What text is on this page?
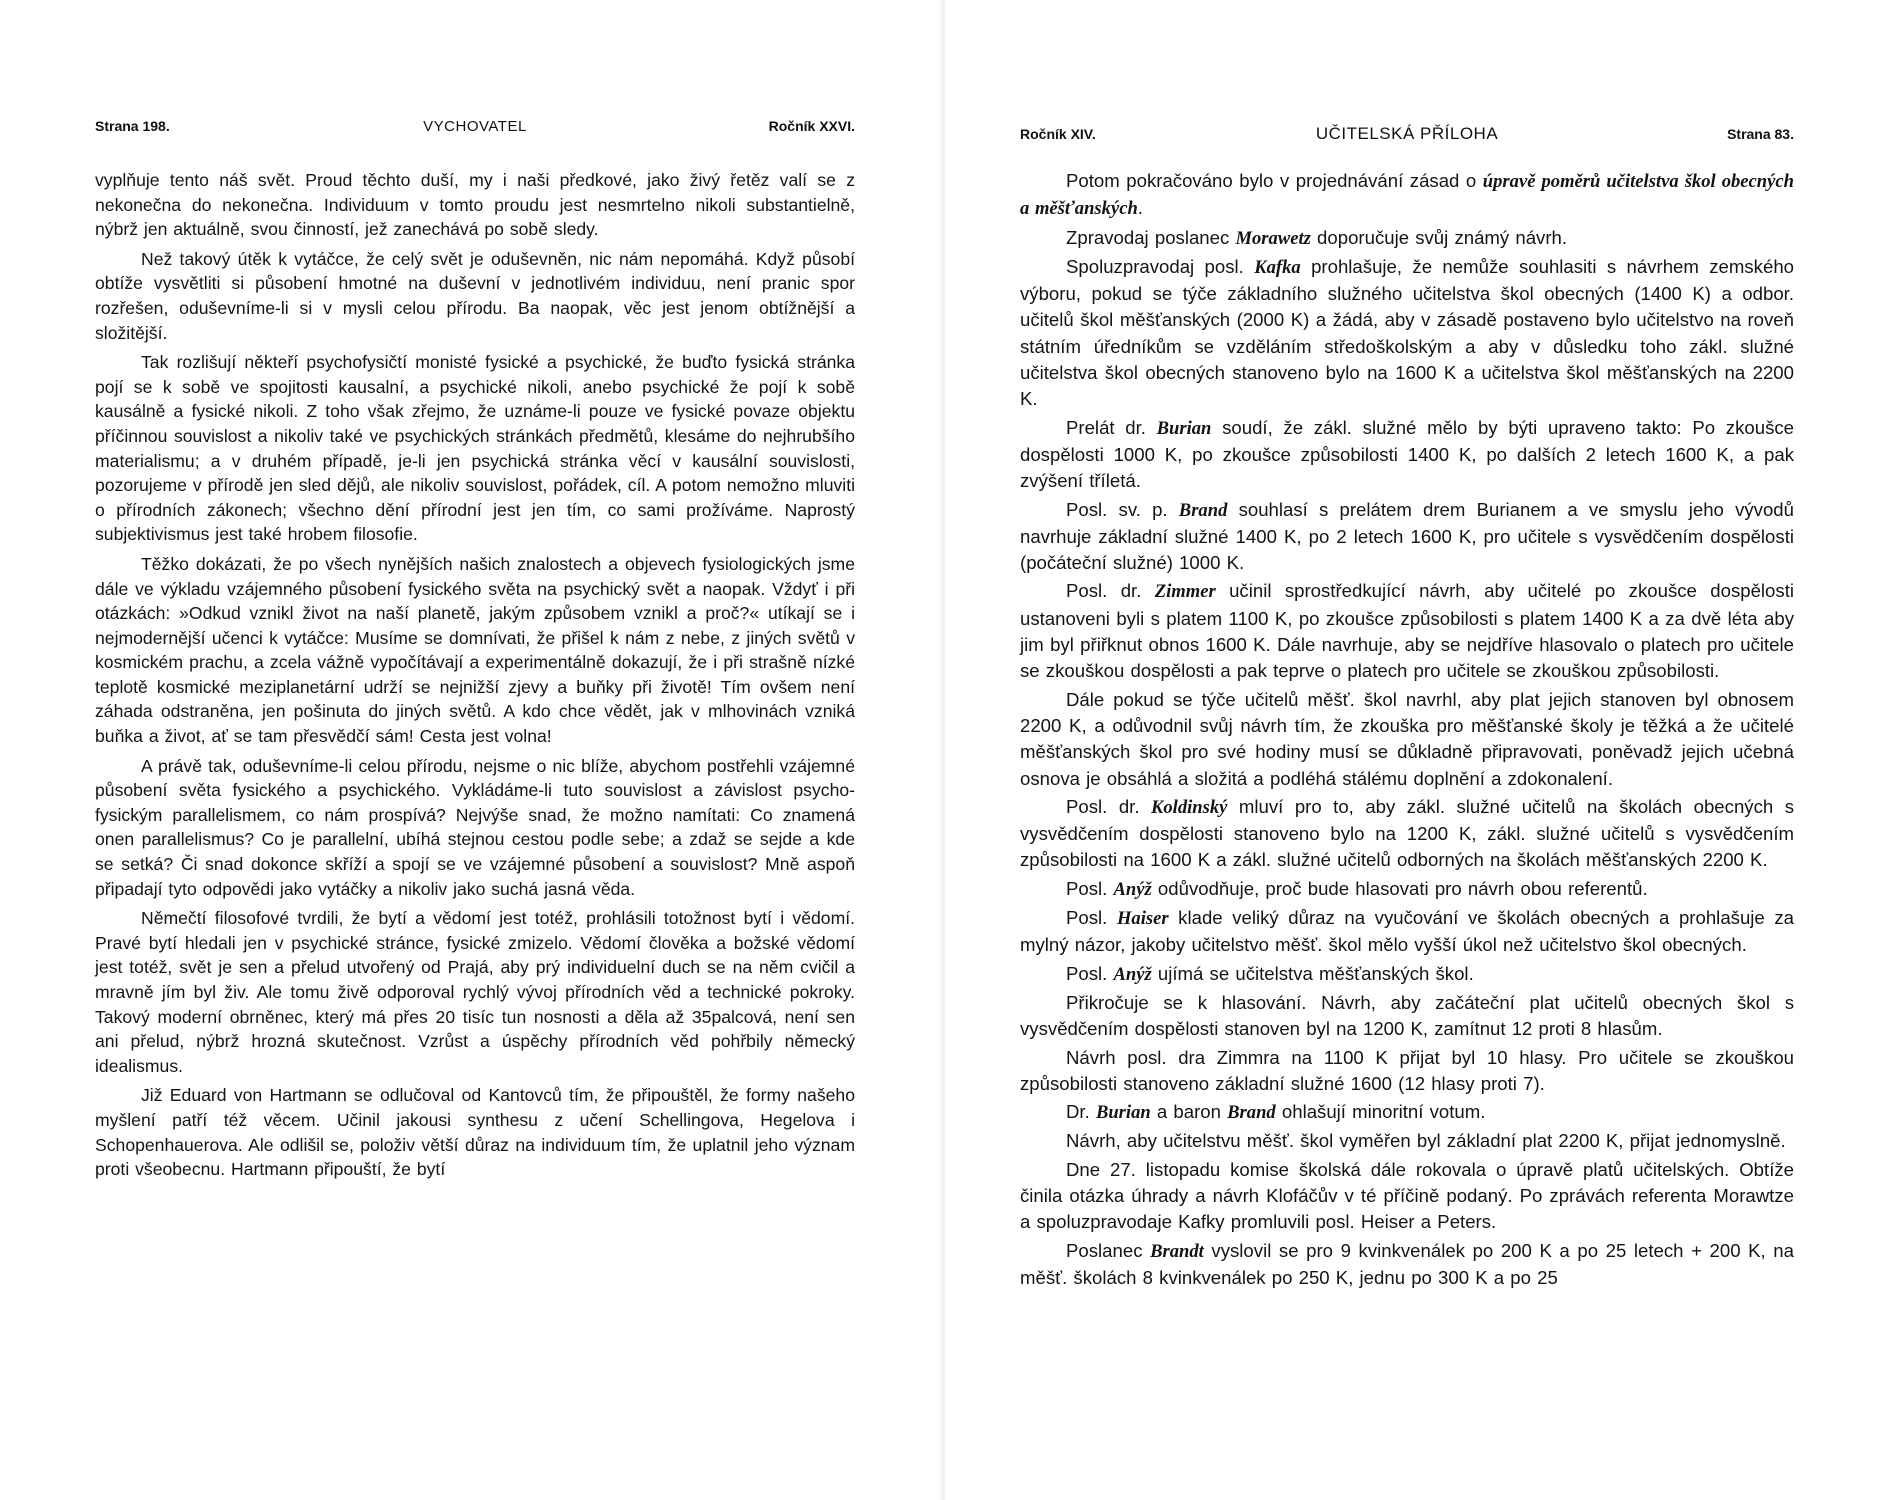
Strana 198.	VYCHOVATEL	Ročník XXVI.

vyplňuje tento náš svět. Proud těchto duší, my i naši předkové, jako živý řetěz valí se z nekonečna do nekonečna. Individuum v tomto proudu jest nesmrtelno nikoli substantielně, nýbrž jen aktuálně, svou činností, jež zanechává po sobě sledy.

Než takový útěk k vytáčce, že celý svět je oduševněn, nic nám nepomáhá. Když působí obtíže vysvětliti si působení hmotné na duševní v jednotlivém individuu, není pranic spor rozřešen, oduševníme-li si v mysli celou přírodu. Ba naopak, věc jest jenom obtížnější a složitější.

Tak rozlišují někteří psychofysičtí monisté fysické a psychické, že buďto fysická stránka pojí se k sobě ve spojitosti kausalní, a psychické nikoli, anebo psychické že pojí k sobě kausálně a fysické nikoli. Z toho však zřejmo, že uznáme-li pouze ve fysické povaze objektu příčinnou souvislost a nikoliv také ve psychických stránkách předmětů, klesáme do nejhrubšího materialismu; a v druhém případě, je-li jen psychická stránka věcí v kausální souvislosti, pozorujeme v přírodě jen sled dějů, ale nikoliv souvislost, pořádek, cíl. A potom nemožno mluviti o přírodních zákonech; všechno dění přírodní jest jen tím, co sami prožíváme. Naprostý subjektivismus jest také hrobem filosofie.

Těžko dokázati, že po všech nynějších našich znalostech a objevech fysiologických jsme dále ve výkladu vzájemného působení fysického světa na psychický svět a naopak. Vždyť i při otázkách: »Odkud vznikl život na naší planetě, jakým způsobem vznikl a proč?« utíkají se i nejmodernější učenci k vytáčce: Musíme se domnívati, že přišel k nám z nebe, z jiných světů v kosmickém prachu, a zcela vážně vypočítávají a experimentálně dokazují, že i při strašně nízké teplotě kosmické meziplanetární udrží se nejnižší zjevy a buňky při životě! Tím ovšem není záhada odstraněna, jen pošinuta do jiných světů. A kdo chce vědět, jak v mlhovinách vzniká buňka a život, ať se tam přesvědčí sám! Cesta jest volna!

A právě tak, oduševníme-li celou přírodu, nejsme o nic blíže, abychom postřehli vzájemné působení světa fysického a psychického. Vykládáme-li tuto souvislost a závislost psycho-fysickým parallelismem, co nám prospívá? Nejvýše snad, že možno namítati: Co znamená onen parallelismus? Co je parallelní, ubíhá stejnou cestou podle sebe; a zdaž se sejde a kde se setká? Či snad dokonce skříží a spojí se ve vzájemné působení a souvislost? Mně aspoň připadají tyto odpovědi jako vytáčky a nikoliv jako suchá jasná věda.

Němečtí filosofové tvrdili, že bytí a vědomí jest totéž, prohlásili totožnost bytí i vědomí. Pravé bytí hledali jen v psychické stránce, fysické zmizelo. Vědomí člověka a božské vědomí jest totéž, svět je sen a přelud utvořený od Prajá, aby prý individuelní duch se na něm cvičil a mravně jím byl živ. Ale tomu živě odporoval rychlý vývoj přírodních věd a technické pokroky. Takový moderní obrněnec, který má přes 20 tisíc tun nosnosti a děla až 35palcová, není sen ani přelud, nýbrž hrozná skutečnost. Vzrůst a úspěchy přírodních věd pohřbily německý idealismus.

Již Eduard von Hartmann se odlučoval od Kantovců tím, že připouštěl, že formy našeho myšlení patří též věcem. Učinil jakousi synthesu z učení Schellingova, Hegelova i Schopenhauerova. Ale odlišil se, položiv větší důraz na individuum tím, že uplatnil jeho význam proti všeobecnu. Hartmann připouští, že bytí

Ročník XIV.	UČITELSKÁ PŘÍLOHA	Strana 83.

Potom pokračováno bylo v projednávání zásad o úpravě poměrů učitelstva škol obecných a měšťanských.

Zpravodaj poslanec Morawetz doporučuje svůj známý návrh.

Spoluzpravodaj posl. Kafka prohlašuje, že nemůže souhlasiti s návrhem zemského výboru, pokud se týče základního služného učitelstva škol obecných (1400 K) a odbor. učitelů škol měšťanských (2000 K) a žádá, aby v zásadě postaveno bylo učitelstvo na roveň státním úředníkům se vzděláním středoškolským a aby v důsledku toho zákl. služné učitelstva škol obecných stanoveno bylo na 1600 K a učitelstva škol měšťanských na 2200 K.

Prelát dr. Burian soudí, že zákl. služné mělo by býti upraveno takto: Po zkoušce dospělosti 1000 K, po zkoušce způsobilosti 1400 K, po dalších 2 letech 1600 K, a pak zvýšení tříletá.

Posl. sv. p. Brand souhlasí s prelátem drem Burianem a ve smyslu jeho vývodů navrhuje základní služné 1400 K, po 2 letech 1600 K, pro učitele s vysvědčením dospělosti (počáteční služné) 1000 K.

Posl. dr. Zimmer učinil sprostředkující návrh, aby učitelé po zkoušce dospělosti ustanoveni byli s platem 1100 K, po zkoušce způsobilosti s platem 1400 K a za dvě léta aby jim byl přiřknut obnos 1600 K. Dále navrhuje, aby se nejdříve hlasovalo o platech pro učitele se zkouškou dospělosti a pak teprve o platech pro učitele se zkouškou způsobilosti.

Dále pokud se týče učitelů měšť. škol navrhl, aby plat jejich stanoven byl obnosem 2200 K, a odůvodnil svůj návrh tím, že zkouška pro měšťanské školy je těžká a že učitelé měšťanských škol pro své hodiny musí se důkladně připravovati, poněvadž jejich učebná osnova je obsáhlá a složitá a podléhá stálému doplnění a zdokonalení.

Posl. dr. Koldinský mluví pro to, aby zákl. služné učitelů na školách obecných s vysvědčením dospělosti stanoveno bylo na 1200 K, zákl. služné učitelů s vysvědčením způsobilosti na 1600 K a zákl. služné učitelů odborných na školách měšťanských 2200 K.

Posl. Anýž odůvodňuje, proč bude hlasovati pro návrh obou referentů.

Posl. Haiser klade veliký důraz na vyučování ve školách obecných a prohlašuje za mylný názor, jakoby učitelstvo měšť. škol mělo vyšší úkol než učitelstvo škol obecných.

Posl. Anýž ujímá se učitelstva měšťanských škol.

Přikročuje se k hlasování. Návrh, aby začáteční plat učitelů obecných škol s vysvědčením dospělosti stanoven byl na 1200 K, zamítnut 12 proti 8 hlasům.

Návrh posl. dra Zimmra na 1100 K přijat byl 10 hlasy. Pro učitele se zkouškou způsobilosti stanoveno základní služné 1600 (12 hlasy proti 7).

Dr. Burian a baron Brand ohlašují minoritní votum.

Návrh, aby učitelstvu měšť. škol vyměřen byl základní plat 2200 K, přijat jednomyslně.

Dne 27. listopadu komise školská dále rokovala o úpravě platů učitelských. Obtíže činila otázka úhrady a návrh Klofáčův v té příčině podaný. Po zprávách referenta Morawtze a spoluzpravodaje Kafky promluvili posl. Heiser a Peters.

Poslanec Brandt vyslovil se pro 9 kvinkvenálek po 200 K a po 25 letech + 200 K, na měšť. školách 8 kvinkvenálek po 250 K, jednu po 300 K a po 25
